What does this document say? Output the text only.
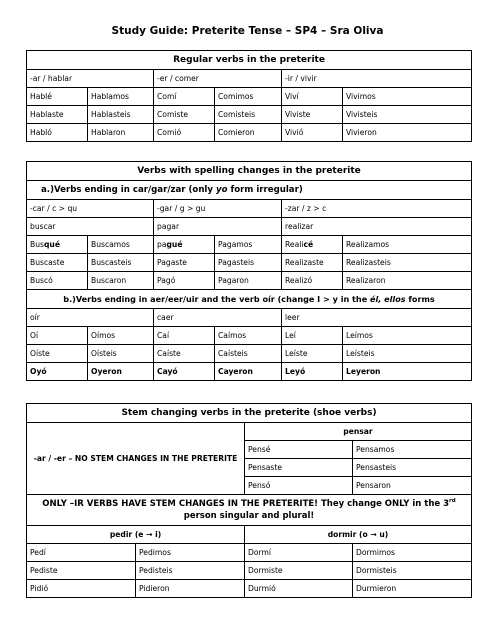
Study Guide: Preterite Tense – SP4 – Sra Oliva
Regular verbs in the preterite					
-ar / hablar		-er / comer		-ir / vivir	
Hablé	Hablamos	Comí	Comimos	Viví	Vivimos
Hablaste	Hablasteis	Comiste	Comisteis	Viviste	Vivisteis
Habló	Hablaron	Comió	Comieron	Vivió	Vivieron
Verbs with spelling changes in the preterite					
a.)Verbs ending in car/gar/zar (only yo form irregular)					
-car / c > qu		-gar / g > gu		-zar / z > c	
buscar		pagar		realizar	
Busqué	Buscamos	pagué	Pagamos	Realicé	Realizamos
Buscaste	Buscasteis	Pagaste	Pagasteis	Realizaste	Realizasteis
Buscó	Buscaron	Pagó	Pagaron	Realizó	Realizaron
b.)Verbs ending in aer/eer/uir and the verb oír (change I > y in the él, ellos forms					
oír		caer		leer	
Oí	Oímos	Caí	Caímos	Leí	Leímos
Oíste	Oísteis	Caíste	Caísteis	Leíste	Leísteis
Oyó	Oyeron	Cayó	Cayeron	Leyó	Leyeron
Stem changing verbs in the preterite (shoe verbs)			
-ar / -er – NO STEM CHANGES IN THE PRETERITE		pensar	
		Pensé	Pensamos
		Pensaste	Pensasteis
		Pensó	Pensaron
ONLY –IR VERBS HAVE STEM CHANGES IN THE PRETERITE! They change ONLY in the 3rd person singular and plural!			
pedir (e → i)		dormir (o → u)	
Pedí	Pedimos	Dormí	Dormimos
Pediste	Pedisteis	Dormiste	Dormisteis
Pidió	Pidieron	Durmió	Durmieron
